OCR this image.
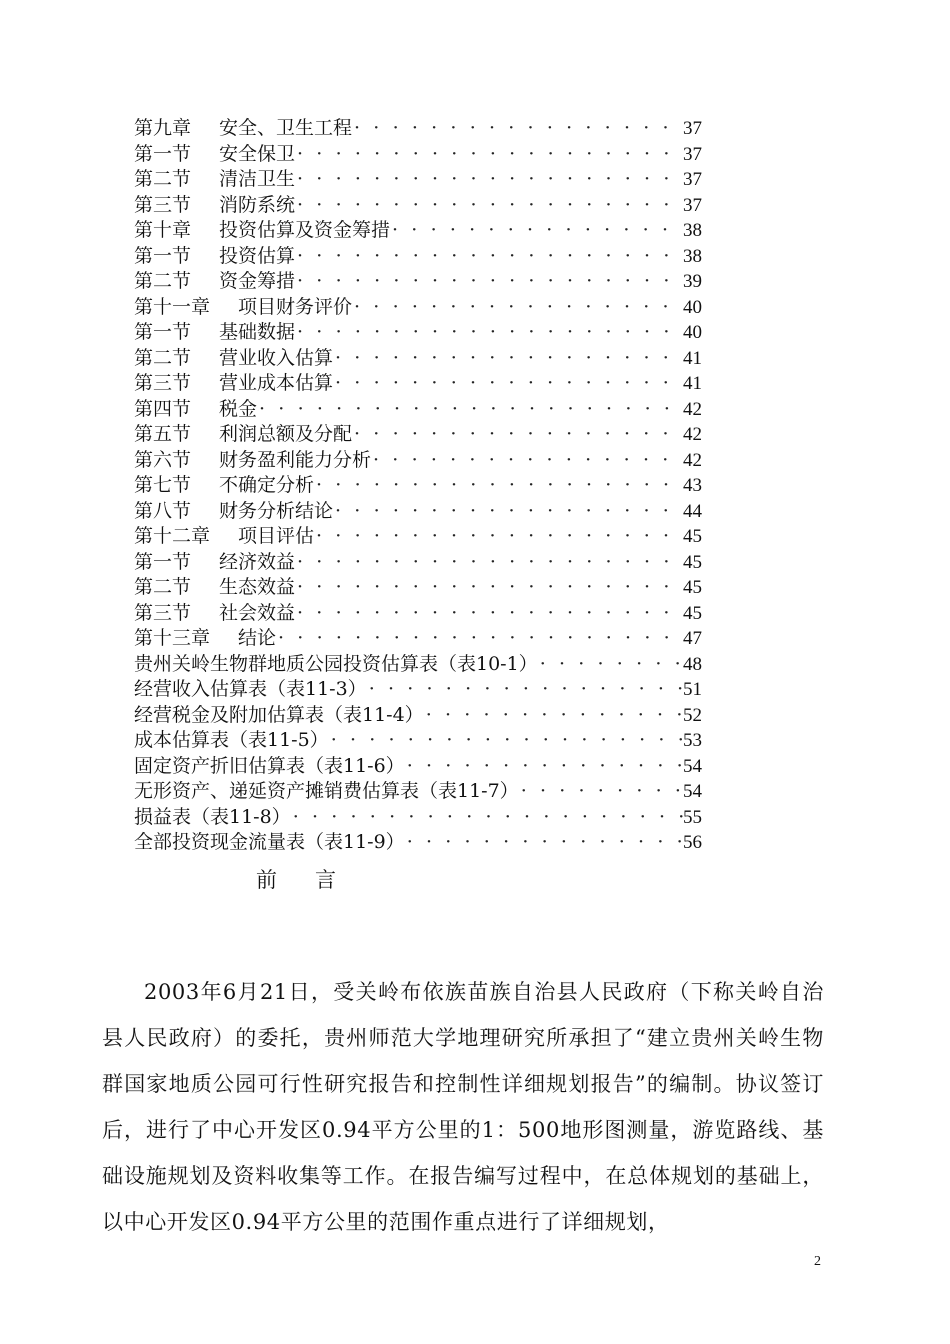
第九章 安全、卫生工程 · · ·	37
第一节 安全保卫 · · ·	37
第二节 清洁卫生 · · ·	37
第三节 消防系统 · · ·	37
第十章 投资估算及资金筹措 · · ·	38
第一节 投资估算 · · ·	38
第二节 资金筹措 · · ·	39
第十一章 项目财务评价 · · ·	40
第一节 基础数据 · · ·	40
第二节 营业收入估算 · · ·	41
第三节 营业成本估算 · · ·	41
第四节 税金 · · ·	42
第五节 利润总额及分配 · · ·	42
第六节 财务盈利能力分析 · · ·	42
第七节 不确定分析 · · ·	43
第八节 财务分析结论 · · ·	44
第十二章 项目评估 · · ·	45
第一节 经济效益 · · ·	45
第二节 生态效益 · · ·	45
第三节 社会效益 · · ·	45
第十三章 结论 · · ·	47
贵州关岭生物群地质公园投资估算表（表10-1） · · ·	48
经营收入估算表（表11-3） · · ·	51
经营税金及附加估算表（表11-4） · · ·	52
成本估算表（表11-5） · · ·	53
固定资产折旧估算表（表11-6） · · ·	54
无形资产、递延资产摊销费估算表（表11-7） · · ·	54
损益表（表11-8） · · ·	55
全部投资现金流量表（表11-9） · · ·	56
前 言

2003年6月21日，受关岭布依族苗族自治县人民政府（下称关岭自治县人民政府）的委托，贵州师范大学地理研究所承担了“建立贵州关岭生物群国家地质公园可行性研究报告和控制性详细规划报告”的编制。协议签订后，进行了中心开发区0.94平方公里的1：500地形图测量，游览路线、基础设施规划及资料收集等工作。在报告编写过程中，在总体规划的基础上，以中心开发区0.94平方公里的范围作重点进行了详细规划，

2
